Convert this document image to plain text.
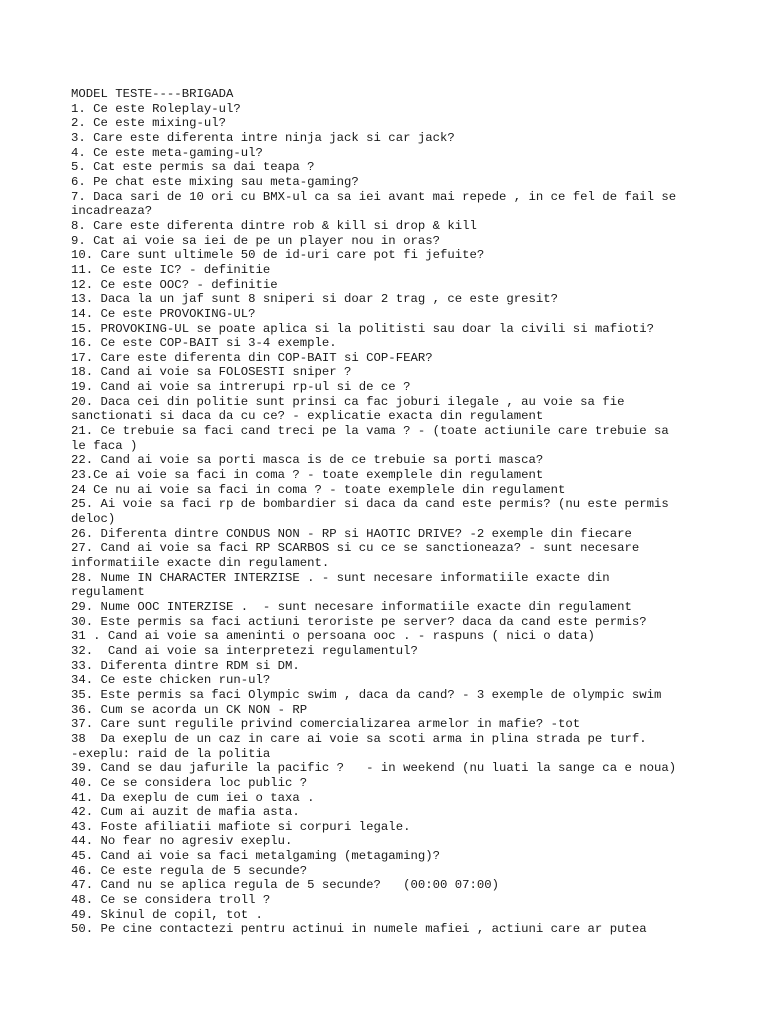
MODEL TESTE----BRIGADA
1. Ce este Roleplay-ul?
2. Ce este mixing-ul?
3. Care este diferenta intre ninja jack si car jack?
4. Ce este meta-gaming-ul?
5. Cat este permis sa dai teapa ?
6. Pe chat este mixing sau meta-gaming?
7. Daca sari de 10 ori cu BMX-ul ca sa iei avant mai repede , in ce fel de fail se
incadreaza?
8. Care este diferenta dintre rob & kill si drop & kill
9. Cat ai voie sa iei de pe un player nou in oras?
10. Care sunt ultimele 50 de id-uri care pot fi jefuite?
11. Ce este IC? - definitie
12. Ce este OOC? - definitie
13. Daca la un jaf sunt 8 sniperi si doar 2 trag , ce este gresit?
14. Ce este PROVOKING-UL?
15. PROVOKING-UL se poate aplica si la politisti sau doar la civili si mafioti?
16. Ce este COP-BAIT si 3-4 exemple.
17. Care este diferenta din COP-BAIT si COP-FEAR?
18. Cand ai voie sa FOLOSESTI sniper ?
19. Cand ai voie sa intrerupi rp-ul si de ce ?
20. Daca cei din politie sunt prinsi ca fac joburi ilegale , au voie sa fie
sanctionati si daca da cu ce? - explicatie exacta din regulament
21. Ce trebuie sa faci cand treci pe la vama ? - (toate actiunile care trebuie sa
le faca )
22. Cand ai voie sa porti masca is de ce trebuie sa porti masca?
23.Ce ai voie sa faci in coma ? - toate exemplele din regulament
24 Ce nu ai voie sa faci in coma ? - toate exemplele din regulament
25. Ai voie sa faci rp de bombardier si daca da cand este permis? (nu este permis
deloc)
26. Diferenta dintre CONDUS NON - RP si HAOTIC DRIVE? -2 exemple din fiecare
27. Cand ai voie sa faci RP SCARBOS si cu ce se sanctioneaza? - sunt necesare
informatiile exacte din regulament.
28. Nume IN CHARACTER INTERZISE . - sunt necesare informatiile exacte din
regulament
29. Nume OOC INTERZISE .  - sunt necesare informatiile exacte din regulament
30. Este permis sa faci actiuni teroriste pe server? daca da cand este permis?
31 . Cand ai voie sa ameninti o persoana ooc . - raspuns ( nici o data)
32.  Cand ai voie sa interpretezi regulamentul?
33. Diferenta dintre RDM si DM.
34. Ce este chicken run-ul?
35. Este permis sa faci Olympic swim , daca da cand? - 3 exemple de olympic swim
36. Cum se acorda un CK NON - RP
37. Care sunt regulile privind comercializarea armelor in mafie? -tot
38  Da exeplu de un caz in care ai voie sa scoti arma in plina strada pe turf.
-exeplu: raid de la politia
39. Cand se dau jafurile la pacific ?   - in weekend (nu luati la sange ca e noua)
40. Ce se considera loc public ?
41. Da exeplu de cum iei o taxa .
42. Cum ai auzit de mafia asta.
43. Foste afiliatii mafiote si corpuri legale.
44. No fear no agresiv exeplu.
45. Cand ai voie sa faci metalgaming (metagaming)?
46. Ce este regula de 5 secunde?
47. Cand nu se aplica regula de 5 secunde?   (00:00 07:00)
48. Ce se considera troll ?
49. Skinul de copil, tot .
50. Pe cine contactezi pentru actinui in numele mafiei , actiuni care ar putea
